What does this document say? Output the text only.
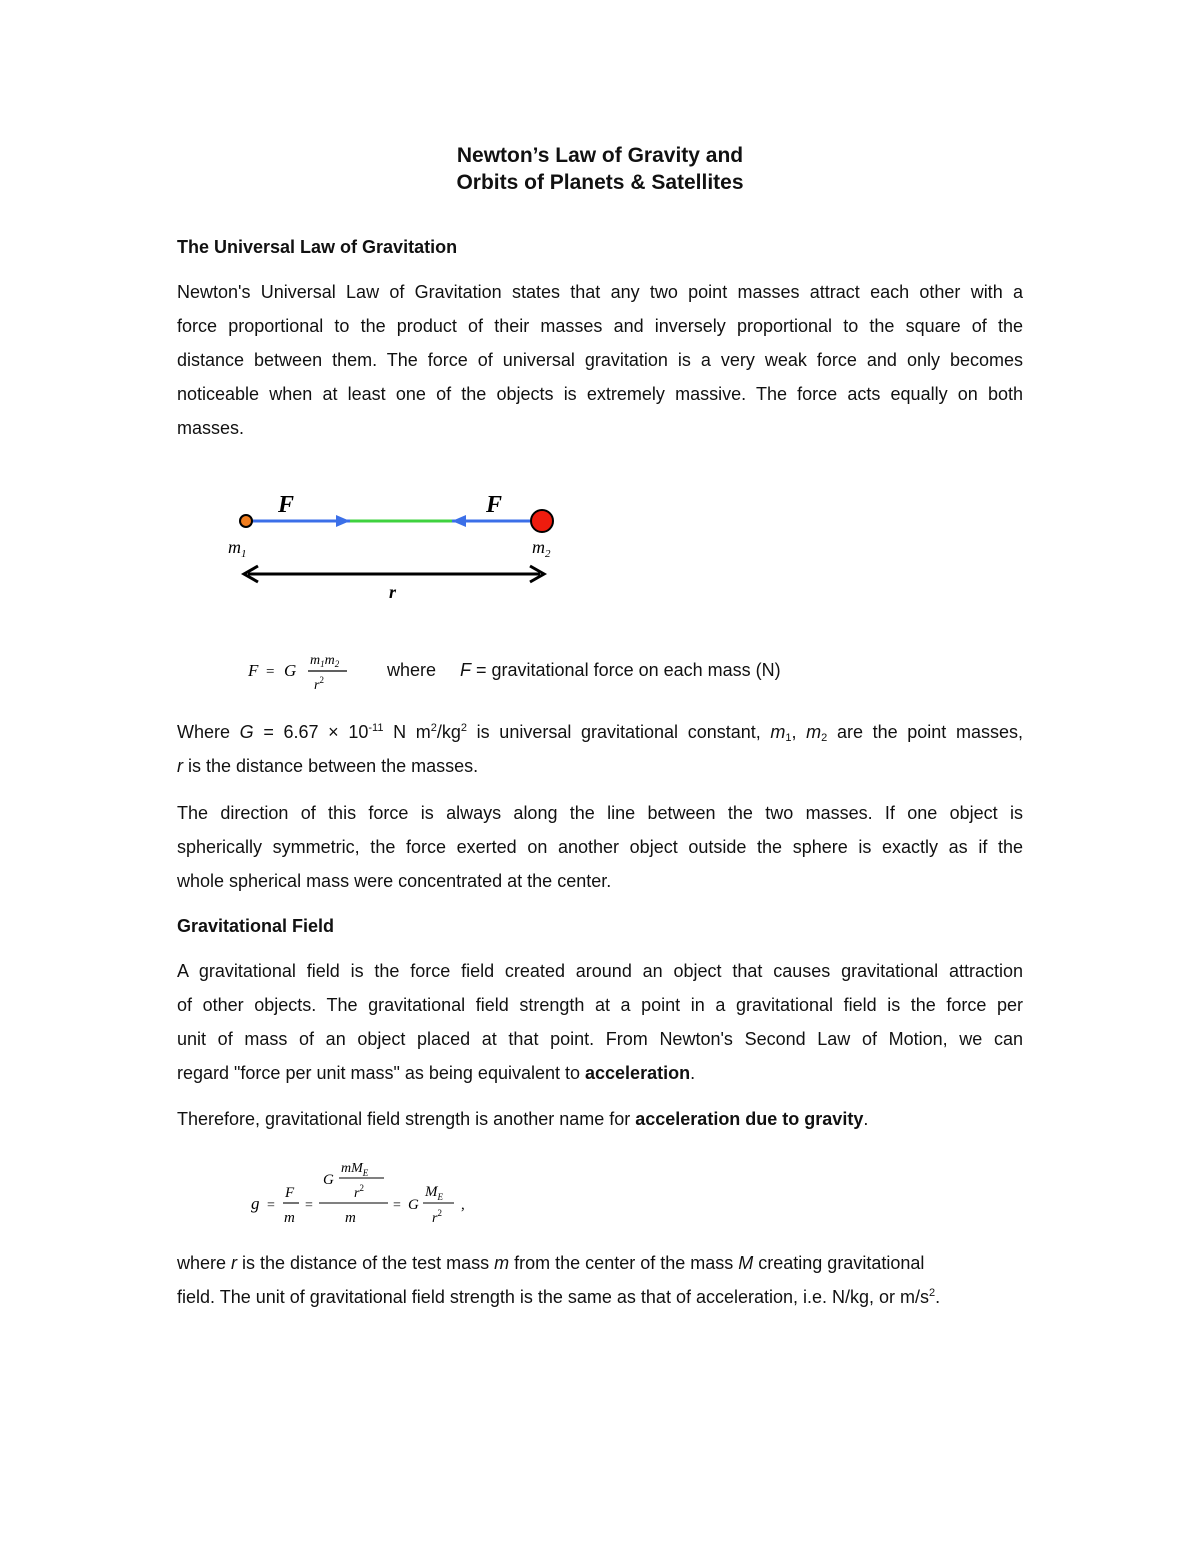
Newton’s Law of Gravity and
Orbits of Planets & Satellites
The Universal Law of Gravitation
Newton's Universal Law of Gravitation states that any two point masses attract each other with a
force proportional to the product of their masses and inversely proportional to the square of the
distance between them. The force of universal gravitation is a very weak force and only becomes
noticeable when at least one of the objects is extremely massive. The force acts equally on both
masses.
F	F
$m_1$	$m_2$
r
F = G
$m_1m_2$
$r^2$	where F = gravitational force on each mass (N)
Where $G = 6.67 \times 10^{-11}$ N $m^2/kg^2$ is universal gravitational constant, $m_1$, $m_2$ are the point masses,
r is the distance between the masses.
The direction of this force is always along the line between the two masses. If one object is
spherically symmetric, the force exerted on another object outside the sphere is exactly as if the
whole spherical mass were concentrated at the center.
Gravitational Field
A gravitational field is the force field created around an object that causes gravitational attraction
of other objects. The gravitational field strength at a point in a gravitational field is the force per
unit of mass of an object placed at that point. From Newton's Second Law of Motion, we can
regard "force per unit mass" as being equivalent to acceleration.
Therefore, gravitational field strength is another name for acceleration due to gravity.
g =
F
m
=
G
$mM_E$
$r^2$
m
= G
$M_E$
$r^2$ ,
where r is the distance of the test mass m from the center of the mass M creating gravitational
field. The unit of gravitational field strength is the same as that of acceleration, i.e. N/kg, or $m/s^2$.
